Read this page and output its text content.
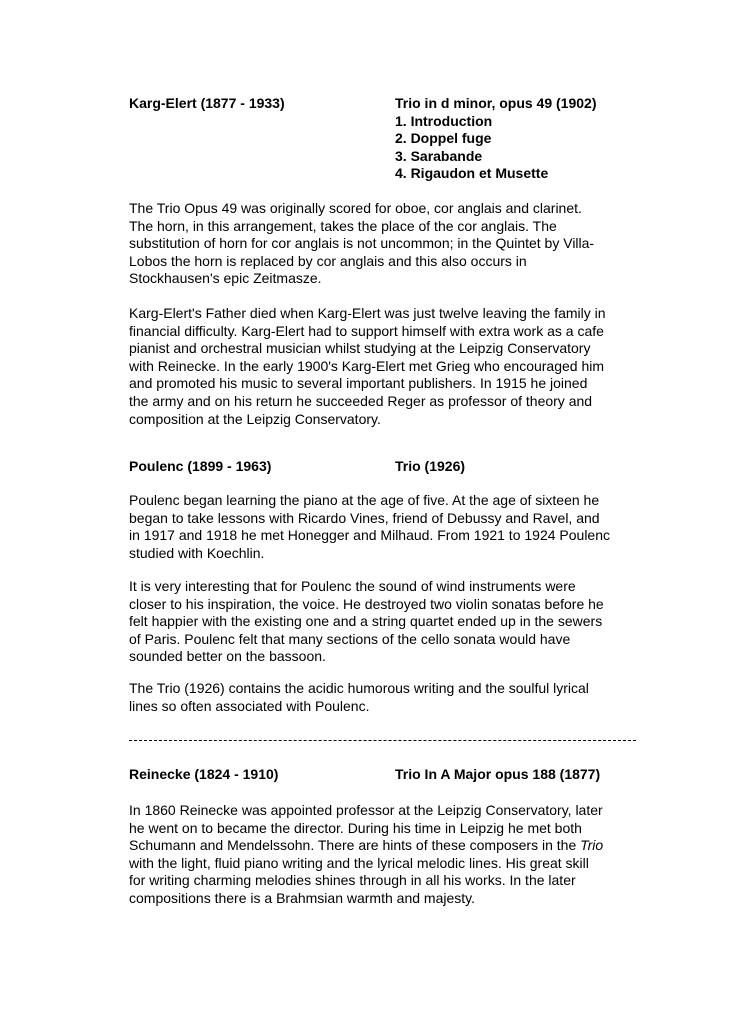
Karg-Elert (1877 - 1933)	Trio in d minor, opus 49 (1902)
1. Introduction
2. Doppel fuge
3. Sarabande
4. Rigaudon et Musette
The Trio Opus 49 was originally scored for oboe, cor anglais and clarinet.
The horn, in this arrangement, takes the place of the cor anglais. The
substitution of horn for cor anglais is not uncommon; in the Quintet by Villa-
Lobos the horn is replaced by cor anglais and this also occurs in
Stockhausen's epic Zeitmasze.
Karg-Elert's Father died when Karg-Elert was just twelve leaving the family in
financial difficulty. Karg-Elert had to support himself with extra work as a cafe
pianist and orchestral musician whilst studying at the Leipzig Conservatory
with Reinecke. In the early 1900's Karg-Elert met Grieg who encouraged him
and promoted his music to several important publishers. In 1915 he joined
the army and on his return he succeeded Reger as professor of theory and
composition at the Leipzig Conservatory.
Poulenc (1899 - 1963)	Trio (1926)
Poulenc began learning the piano at the age of five. At the age of sixteen he
began to take lessons with Ricardo Vines, friend of Debussy and Ravel, and
in 1917 and 1918 he met Honegger and Milhaud. From 1921 to 1924 Poulenc
studied with Koechlin.
It is very interesting that for Poulenc the sound of wind instruments were
closer to his inspiration, the voice. He destroyed two violin sonatas before he
felt happier with the existing one and a string quartet ended up in the sewers
of Paris. Poulenc felt that many sections of the cello sonata would have
sounded better on the bassoon.
The Trio (1926) contains the acidic humorous writing and the soulful lyrical
lines so often associated with Poulenc.
Reinecke (1824 - 1910)	Trio In A Major opus 188 (1877)
In 1860 Reinecke was appointed professor at the Leipzig Conservatory, later
he went on to became the director. During his time in Leipzig he met both
Schumann and Mendelssohn. There are hints of these composers in the Trio
with the light, fluid piano writing and the lyrical melodic lines. His great skill
for writing charming melodies shines through in all his works. In the later
compositions there is a Brahmsian warmth and majesty.
